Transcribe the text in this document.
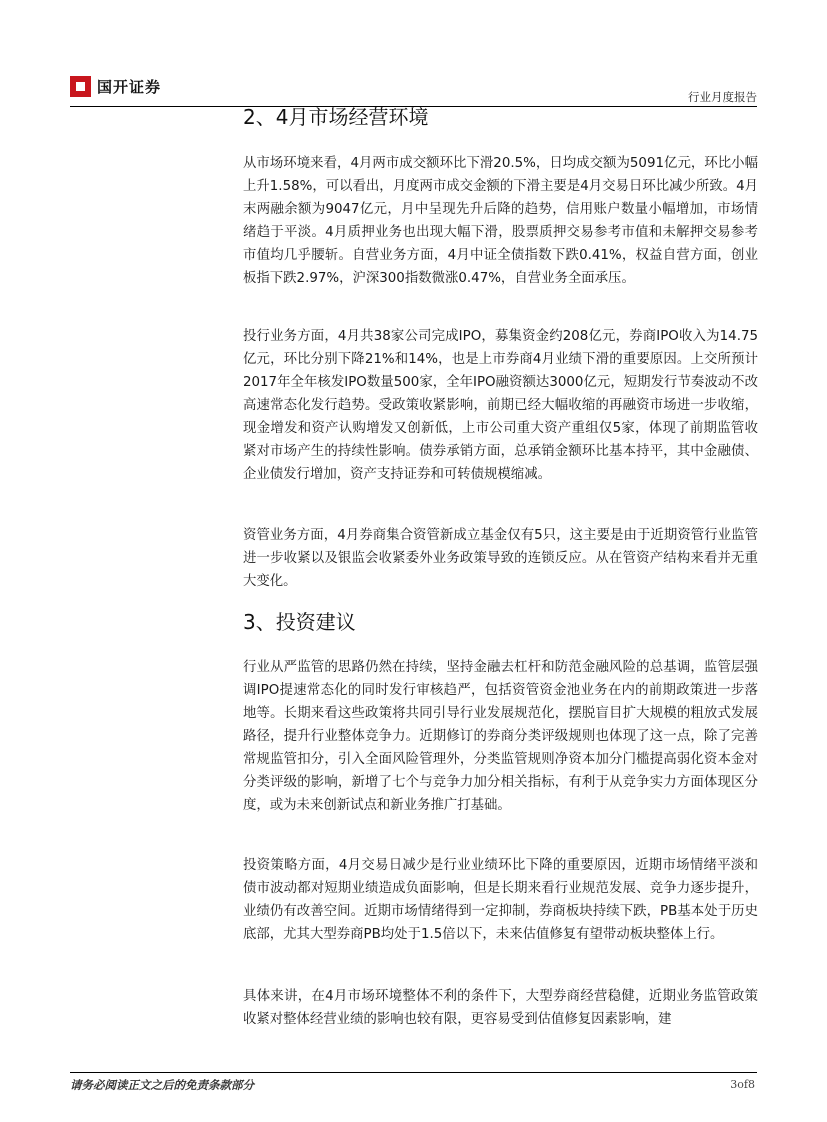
国开证券
行业月度报告
2、4月市场经营环境

从市场环境来看，4月两市成交额环比下滑20.5%，日均成交额为5091亿元，环比小幅上升1.58%，可以看出，月度两市成交金额的下滑主要是4月交易日环比减少所致。4月末两融余额为9047亿元，月中呈现先升后降的趋势，信用账户数量小幅增加，市场情绪趋于平淡。4月质押业务也出现大幅下滑，股票质押交易参考市值和未解押交易参考市值均几乎腰斩。自营业务方面，4月中证全债指数下跌0.41%，权益自营方面，创业板指下跌2.97%，沪深300指数微涨0.47%，自营业务全面承压。

投行业务方面，4月共38家公司完成IPO，募集资金约208亿元，券商IPO收入为14.75亿元，环比分别下降21%和14%，也是上市券商4月业绩下滑的重要原因。上交所预计2017年全年核发IPO数量500家，全年IPO融资额达3000亿元，短期发行节奏波动不改高速常态化发行趋势。受政策收紧影响，前期已经大幅收缩的再融资市场进一步收缩，现金增发和资产认购增发又创新低，上市公司重大资产重组仅5家，体现了前期监管收紧对市场产生的持续性影响。债券承销方面，总承销金额环比基本持平，其中金融债、企业债发行增加，资产支持证券和可转债规模缩减。

资管业务方面，4月券商集合资管新成立基金仅有5只，这主要是由于近期资管行业监管进一步收紧以及银监会收紧委外业务政策导致的连锁反应。从在管资产结构来看并无重大变化。

3、投资建议

行业从严监管的思路仍然在持续，坚持金融去杠杆和防范金融风险的总基调，监管层强调IPO提速常态化的同时发行审核趋严，包括资管资金池业务在内的前期政策进一步落地等。长期来看这些政策将共同引导行业发展规范化，摆脱盲目扩大规模的粗放式发展路径，提升行业整体竞争力。近期修订的券商分类评级规则也体现了这一点，除了完善常规监管扣分，引入全面风险管理外，分类监管规则净资本加分门槛提高弱化资本金对分类评级的影响，新增了七个与竞争力加分相关指标，有利于从竞争实力方面体现区分度，或为未来创新试点和新业务推广打基础。

投资策略方面，4月交易日减少是行业业绩环比下降的重要原因，近期市场情绪平淡和债市波动都对短期业绩造成负面影响，但是长期来看行业规范发展、竞争力逐步提升，业绩仍有改善空间。近期市场情绪得到一定抑制，券商板块持续下跌，PB基本处于历史底部，尤其大型券商PB均处于1.5倍以下，未来估值修复有望带动板块整体上行。

具体来讲，在4月市场环境整体不利的条件下，大型券商经营稳健，近期业务监管政策收紧对整体经营业绩的影响也较有限，更容易受到估值修复因素影响，建

请务必阅读正文之后的免责条款部分	3of8
